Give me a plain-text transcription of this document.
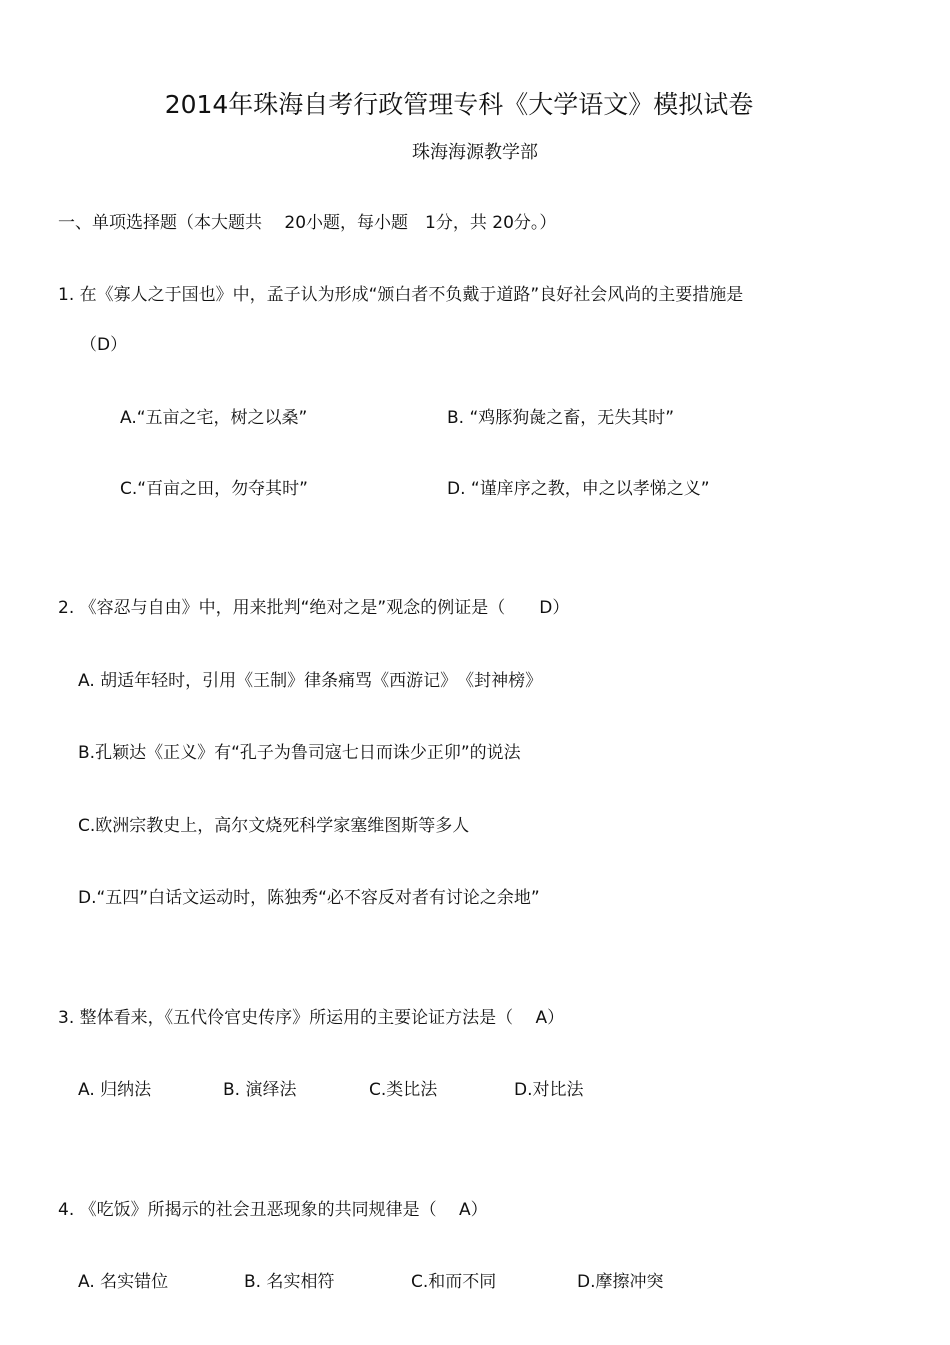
2014年珠海自考行政管理专科《大学语文》模拟试卷
珠海海源教学部
一、单项选择题（本大题共　 20小题，每小题　1分，共 20分。）
1. 在《寡人之于国也》中，孟子认为形成“颁白者不负戴于道路”良好社会风尚的主要措施是
（D）
A.“五亩之宅，树之以桑”	B. “鸡豚狗彘之畜，无失其时”
C.“百亩之田，勿夺其时”	D. “谨庠序之教，申之以孝悌之义”
2. 《容忍与自由》中，用来批判“绝对之是”观念的例证是（　　D）
A. 胡适年轻时，引用《王制》律条痛骂《西游记》　《封神榜》
B.孔颖达《正义》有“孔子为鲁司寇七日而诛少正卯”的说法
C.欧洲宗教史上，高尔文烧死科学家塞维图斯等多人
D.“五四”白话文运动时，陈独秀“必不容反对者有讨论之余地”
3. 整体看来，《五代伶官史传序》所运用的主要论证方法是（　 A）
A. 归纳法	B. 演绎法	C.类比法	D.对比法
4. 《吃饭》所揭示的社会丑恶现象的共同规律是（　 A）
A. 名实错位	B. 名实相符	C.和而不同	D.摩擦冲突
